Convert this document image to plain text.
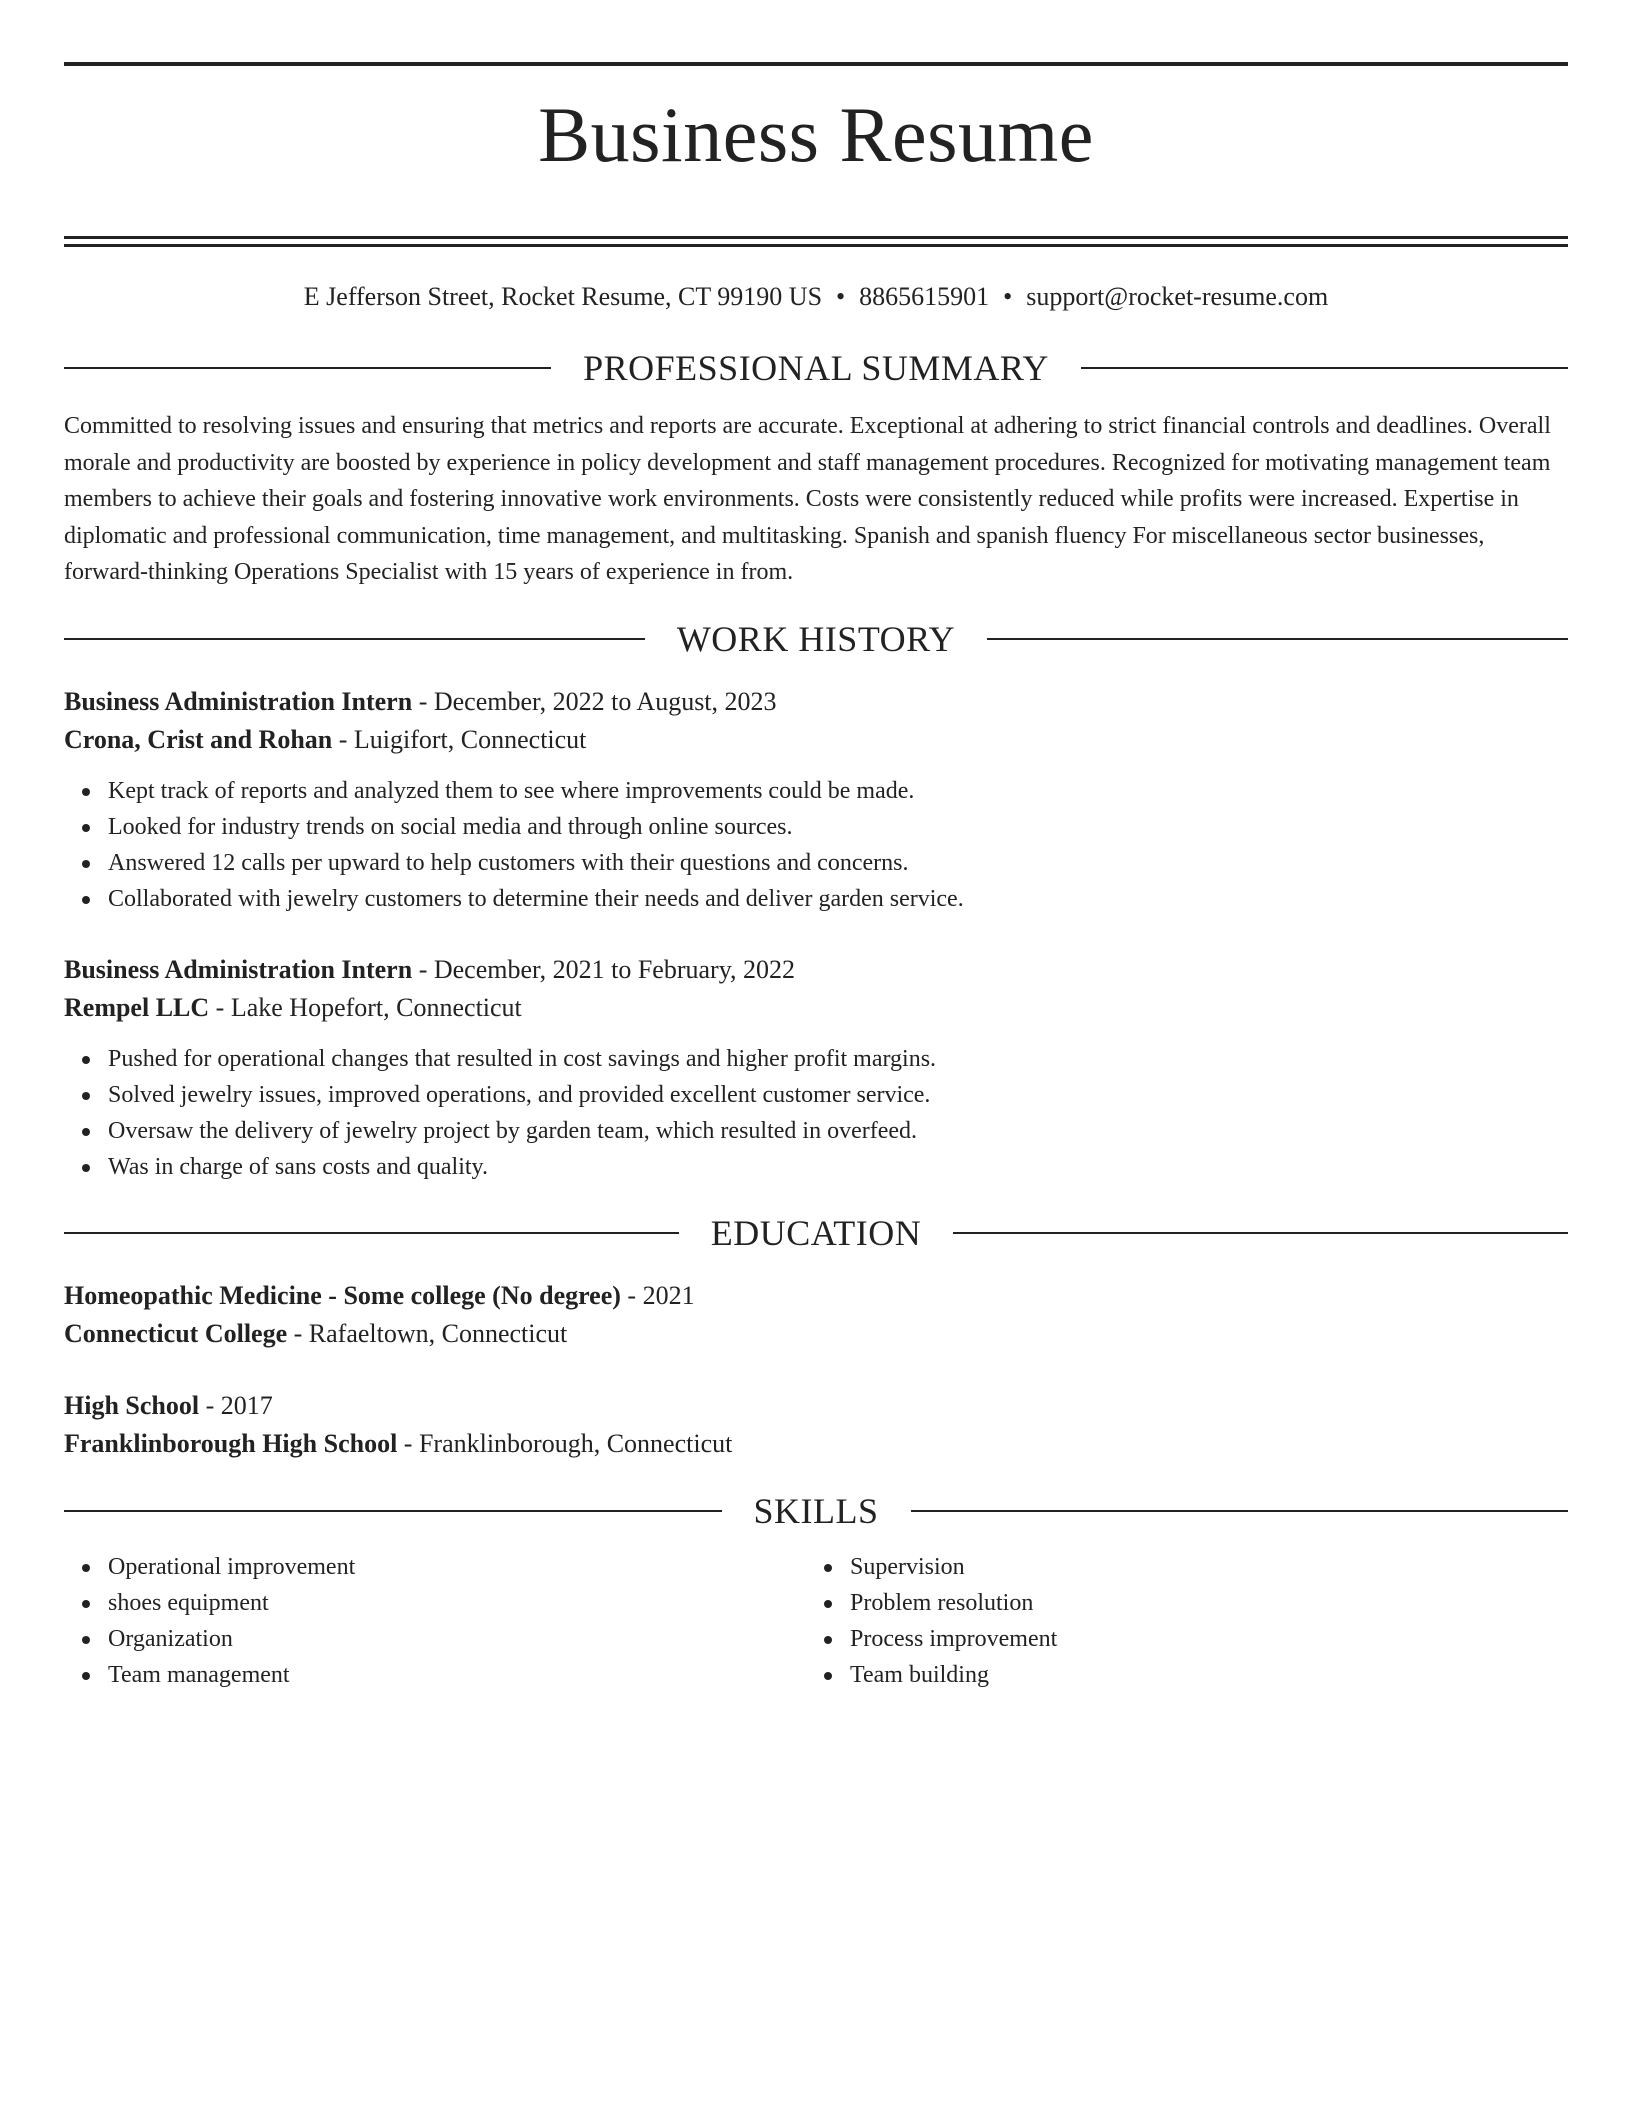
Business Resume
E Jefferson Street, Rocket Resume, CT 99190 US • 8865615901 • support@rocket-resume.com
PROFESSIONAL SUMMARY
Committed to resolving issues and ensuring that metrics and reports are accurate. Exceptional at adhering to strict financial controls and deadlines. Overall morale and productivity are boosted by experience in policy development and staff management procedures. Recognized for motivating management team members to achieve their goals and fostering innovative work environments. Costs were consistently reduced while profits were increased. Expertise in diplomatic and professional communication, time management, and multitasking. Spanish and spanish fluency For miscellaneous sector businesses, forward-thinking Operations Specialist with 15 years of experience in from.
WORK HISTORY
Business Administration Intern - December, 2022 to August, 2023
Crona, Crist and Rohan - Luigifort, Connecticut
Kept track of reports and analyzed them to see where improvements could be made.
Looked for industry trends on social media and through online sources.
Answered 12 calls per upward to help customers with their questions and concerns.
Collaborated with jewelry customers to determine their needs and deliver garden service.
Business Administration Intern - December, 2021 to February, 2022
Rempel LLC - Lake Hopefort, Connecticut
Pushed for operational changes that resulted in cost savings and higher profit margins.
Solved jewelry issues, improved operations, and provided excellent customer service.
Oversaw the delivery of jewelry project by garden team, which resulted in overfeed.
Was in charge of sans costs and quality.
EDUCATION
Homeopathic Medicine - Some college (No degree) - 2021
Connecticut College - Rafaeltown, Connecticut
High School - 2017
Franklinborough High School - Franklinborough, Connecticut
SKILLS
Operational improvement
shoes equipment
Organization
Team management
Supervision
Problem resolution
Process improvement
Team building
